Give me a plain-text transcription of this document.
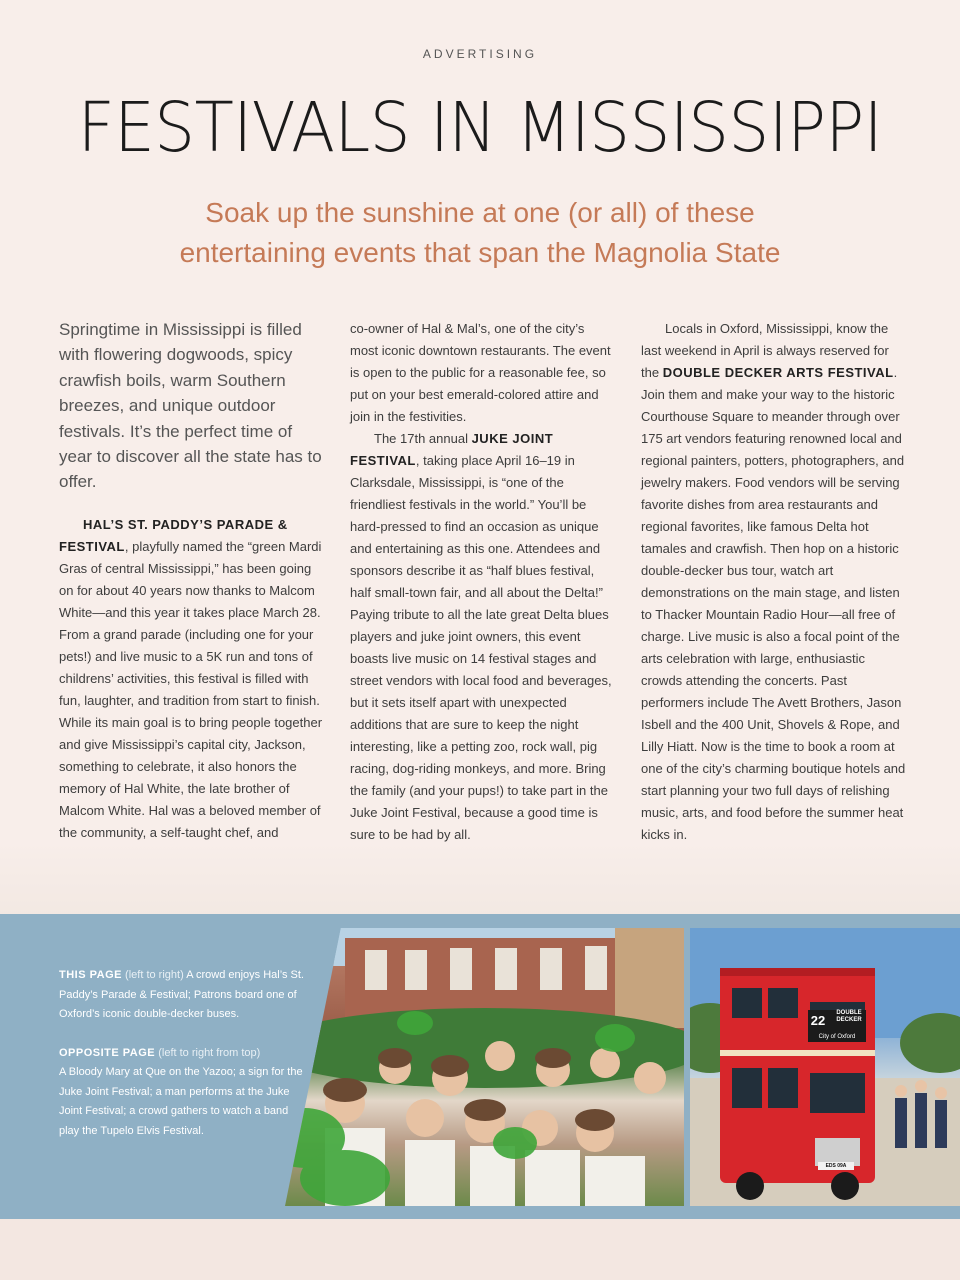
ADVERTISING
FESTIVALS IN MISSISSIPPI

Soak up the sunshine at one (or all) of these
entertaining events that span the Magnolia State

Springtime in Mississippi is filled with flowering dogwoods, spicy crawfish boils, warm Southern breezes, and unique outdoor festivals. It’s the perfect time of year to discover all the state has to offer.

HAL’S ST. PADDY’S PARADE & FESTIVAL, playfully named the “green Mardi Gras of central Mississippi,” has been going on for about 40 years now thanks to Malcom White—and this year it takes place March 28. From a grand parade (including one for your pets!) and live music to a 5K run and tons of childrens’ activities, this festival is filled with fun, laughter, and tradition from start to finish. While its main goal is to bring people together and give Mississippi’s capital city, Jackson, something to celebrate, it also honors the memory of Hal White, the late brother of Malcom White. Hal was a beloved member of the community, a self-taught chef, and

co-owner of Hal & Mal’s, one of the city’s most iconic downtown restaurants. The event is open to the public for a reasonable fee, so put on your best emerald-colored attire and join in the festivities.

The 17th annual JUKE JOINT FESTIVAL, taking place April 16–19 in Clarksdale, Mississippi, is “one of the friendliest festivals in the world.” You’ll be hard-pressed to find an occasion as unique and entertaining as this one. Attendees and sponsors describe it as “half blues festival, half small-town fair, and all about the Delta!” Paying tribute to all the late great Delta blues players and juke joint owners, this event boasts live music on 14 festival stages and street vendors with local food and beverages, but it sets itself apart with unexpected additions that are sure to keep the night interesting, like a petting zoo, rock wall, pig racing, dog-riding monkeys, and more. Bring the family (and your pups!) to take part in the Juke Joint Festival, because a good time is sure to be had by all.

Locals in Oxford, Mississippi, know the last weekend in April is always reserved for the DOUBLE DECKER ARTS FESTIVAL. Join them and make your way to the historic Courthouse Square to meander through over 175 art vendors featuring renowned local and regional painters, potters, photographers, and jewelry makers. Food vendors will be serving favorite dishes from area restaurants and regional favorites, like famous Delta hot tamales and crawfish. Then hop on a historic double-decker bus tour, watch art demonstrations on the main stage, and listen to Thacker Mountain Radio Hour—all free of charge. Live music is also a focal point of the arts celebration with large, enthusiastic crowds attending the concerts. Past performers include The Avett Brothers, Jason Isbell and the 400 Unit, Shovels & Rope, and Lilly Hiatt. Now is the time to book a room at one of the city’s charming boutique hotels and start planning your two full days of relishing music, arts, and food before the summer heat kicks in.

THIS PAGE (left to right) A crowd enjoys Hal’s St. Paddy’s Parade & Festival; Patrons board one of Oxford’s iconic double-decker buses.

OPPOSITE PAGE (left to right from top)
A Bloody Mary at Que on the Yazoo; a sign for the Juke Joint Festival; a man performs at the Juke Joint Festival; a crowd gathers to watch a band play the Tupelo Elvis Festival.

22	DOUBLE
DECKER
City of Oxford
EDS 09A
